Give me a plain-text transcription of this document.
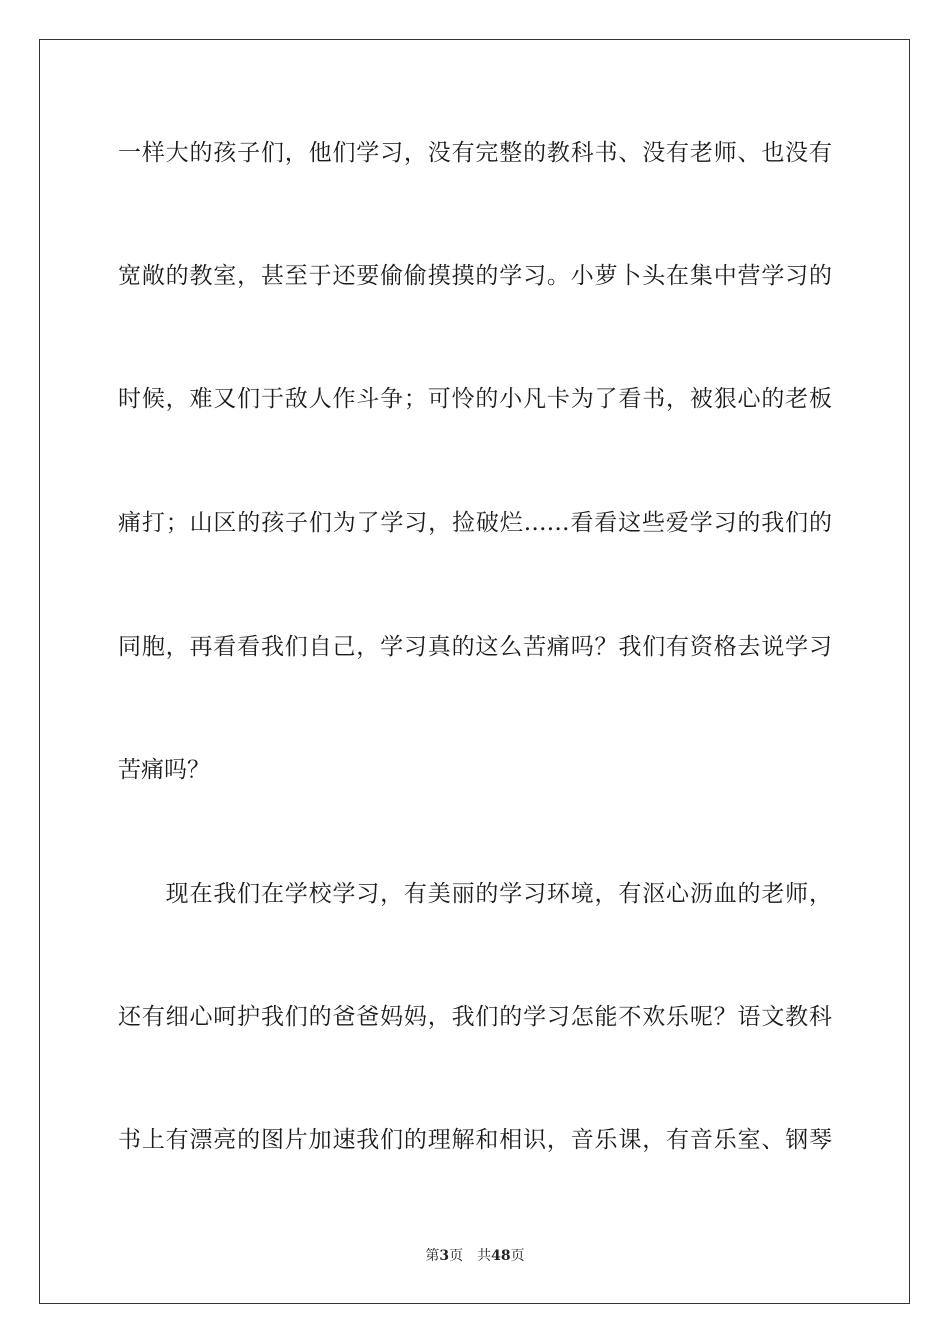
一样大的孩子们，他们学习，没有完整的教科书、没有老师、也没有
宽敞的教室，甚至于还要偷偷摸摸的学习。小萝卜头在集中营学习的
时候，难又们于敌人作斗争；可怜的小凡卡为了看书，被狠心的老板
痛打；山区的孩子们为了学习，捡破烂……看看这些爱学习的我们的
同胞，再看看我们自己，学习真的这么苦痛吗？我们有资格去说学习
苦痛吗？
　　现在我们在学校学习，有美丽的学习环境，有沤心沥血的老师，
还有细心呵护我们的爸爸妈妈，我们的学习怎能不欢乐呢？语文教科
书上有漂亮的图片加速我们的理解和相识，音乐课，有音乐室、钢琴
第3页 共48页
